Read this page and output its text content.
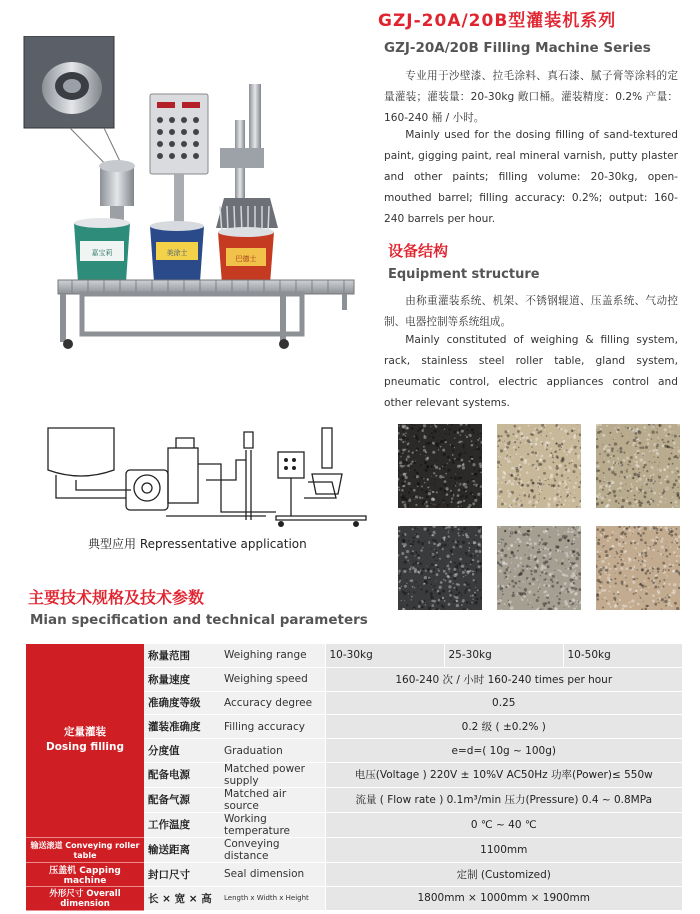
GZJ-20A/20B型灌装机系列
GZJ-20A/20B Filling Machine Series
专业用于沙壁漆、拉毛涂料、真石漆、腻子膏等涂料的定量灌装；灌装量：20-30kg 敞口桶。灌装精度：0.2% 产量：160-240 桶 / 小时。
Mainly used for the dosing filling of sand-textured paint, gigging paint, real mineral varnish, putty plaster and other paints; filling volume: 20-30kg, open-mouthed barrel; filling accuracy: 0.2%; output: 160-240 barrels per hour.
设备结构
Equipment structure
由称重灌装系统、机架、不锈钢辊道、压盖系统、气动控制、电器控制等系统组成。
Mainly constituted of weighing & filling system, rack, stainless steel roller table, gland system, pneumatic control, electric appliances control and other relevant systems.
嘉宝莉	美涂士
巴德士
典型应用 Repressentative application
主要技术规格及技术参数
Mian specification and technical parameters
定量灌装
Dosing filling	称量范围	Weighing range	10-30kg	25-30kg	10-50kg
	称量速度	Weighing speed	160-240 次 / 小时 160-240 times per hour		
	准确度等级	Accuracy degree	0.25		
	灌装准确度	Filling accuracy	0.2 级 ( ±0.2% )		
	分度值	Graduation	e=d=( 10g ~ 100g)		
	配备电源	Matched power supply	电压(Voltage ) 220V ± 10%V AC50Hz 功率(Power)≤ 550w		
	配备气源	Matched air source	流量 ( Flow rate ) 0.1m³/min 压力(Pressure) 0.4 ~ 0.8MPa		
	工作温度	Working temperature	0 ℃ ~ 40 ℃		
输送滚道 Conveying roller table	输送距离	Conveying distance	1100mm		
压盖机 Capping machine	封口尺寸	Seal dimension	定制 (Customized)		
外形尺寸 Overall dimension	长 × 宽 × 高	Length x Width x Height	1800mm × 1000mm × 1900mm		
